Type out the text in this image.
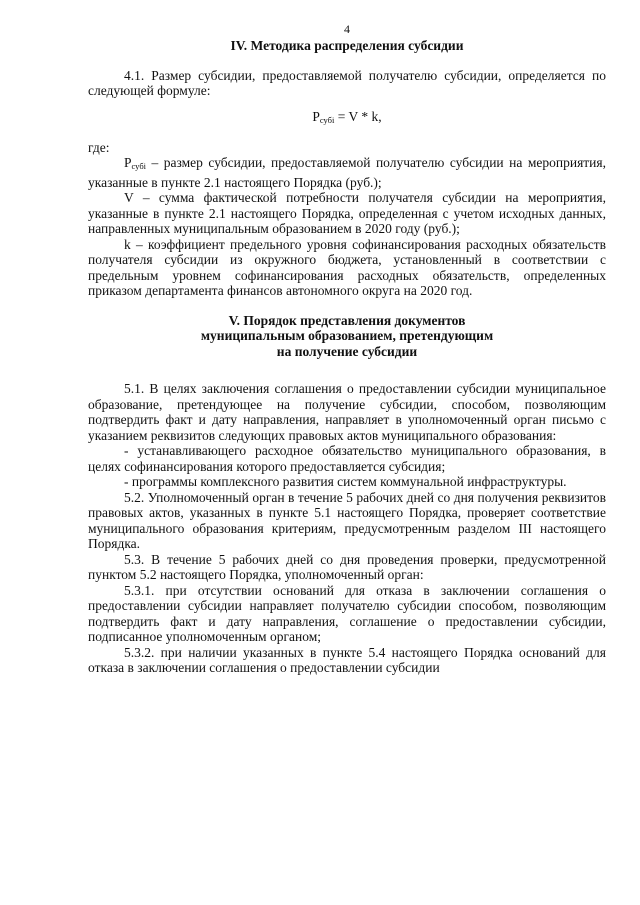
4
IV. Методика распределения субсидии

4.1. Размер субсидии, предоставляемой получателю субсидии, определяется по следующей формуле:

$P_{субi} = V * k$,

где:

$P_{субi}$ – размер субсидии, предоставляемой получателю субсидии на мероприятия, указанные в пункте 2.1 настоящего Порядка (руб.);

V – сумма фактической потребности получателя субсидии на мероприятия, указанные в пункте 2.1 настоящего Порядка, определенная с учетом исходных данных, направленных муниципальным образованием в 2020 году (руб.);

k – коэффициент предельного уровня софинансирования расходных обязательств получателя субсидии из окружного бюджета, установленный в соответствии с предельным уровнем софинансирования расходных обязательств, определенных приказом департамента финансов автономного округа на 2020 год.

V. Порядок представления документов
муниципальным образованием, претендующим
на получение субсидии

5.1. В целях заключения соглашения о предоставлении субсидии муниципальное образование, претендующее на получение субсидии, способом, позволяющим подтвердить факт и дату направления, направляет в уполномоченный орган письмо с указанием реквизитов следующих правовых актов муниципального образования:

- устанавливающего расходное обязательство муниципального образования, в целях софинансирования которого предоставляется субсидия;

- программы комплексного развития систем коммунальной инфраструктуры.

5.2. Уполномоченный орган в течение 5 рабочих дней со дня получения реквизитов правовых актов, указанных в пункте 5.1 настоящего Порядка, проверяет соответствие муниципального образования критериям, предусмотренным разделом III настоящего Порядка.

5.3. В течение 5 рабочих дней со дня проведения проверки, предусмотренной пунктом 5.2 настоящего Порядка, уполномоченный орган:

5.3.1. при отсутствии оснований для отказа в заключении соглашения о предоставлении субсидии направляет получателю субсидии способом, позволяющим подтвердить факт и дату направления, соглашение о предоставлении субсидии, подписанное уполномоченным органом;

5.3.2. при наличии указанных в пункте 5.4 настоящего Порядка оснований для отказа в заключении соглашения о предоставлении субсидии
